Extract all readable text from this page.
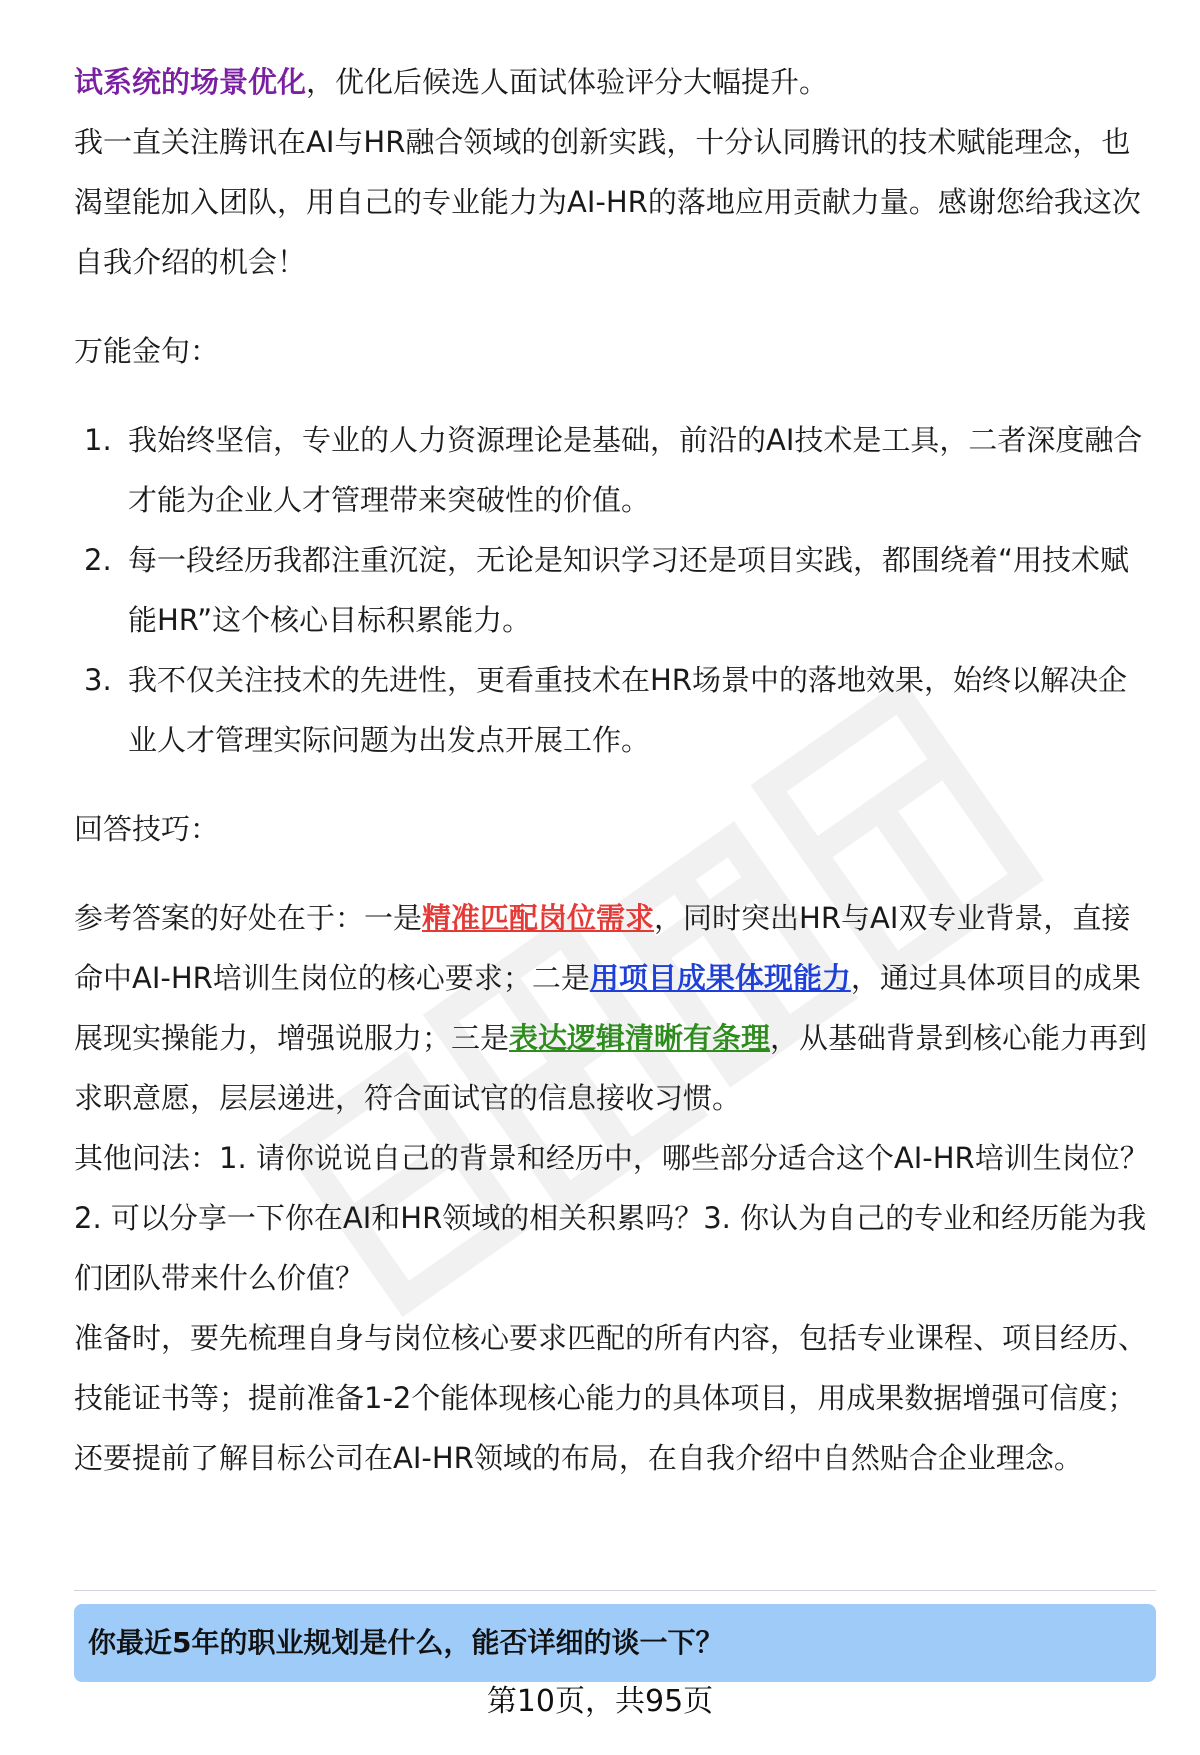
试系统的场景优化，优化后候选人面试体验评分大幅提升。

我一直关注腾讯在AI与HR融合领域的创新实践，十分认同腾讯的技术赋能理念，也渴望能加入团队，用自己的专业能力为AI-HR的落地应用贡献力量。感谢您给我这次自我介绍的机会！

万能金句：

1. 我始终坚信，专业的人力资源理论是基础，前沿的AI技术是工具，二者深度融合才能为企业人才管理带来突破性的价值。
2. 每一段经历我都注重沉淀，无论是知识学习还是项目实践，都围绕着“用技术赋能HR”这个核心目标积累能力。
3. 我不仅关注技术的先进性，更看重技术在HR场景中的落地效果，始终以解决企业人才管理实际问题为出发点开展工作。

回答技巧：

参考答案的好处在于：一是精准匹配岗位需求，同时突出HR与AI双专业背景，直接命中AI-HR培训生岗位的核心要求；二是用项目成果体现能力，通过具体项目的成果展现实操能力，增强说服力；三是表达逻辑清晰有条理，从基础背景到核心能力再到求职意愿，层层递进，符合面试官的信息接收习惯。

其他问法：1. 请你说说自己的背景和经历中，哪些部分适合这个AI-HR培训生岗位？2. 可以分享一下你在AI和HR领域的相关积累吗？3. 你认为自己的专业和经历能为我们团队带来什么价值？

准备时，要先梳理自身与岗位核心要求匹配的所有内容，包括专业课程、项目经历、技能证书等；提前准备1-2个能体现核心能力的具体项目，用成果数据增强可信度；还要提前了解目标公司在AI-HR领域的布局，在自我介绍中自然贴合企业理念。

你最近5年的职业规划是什么，能否详细的谈一下？
第10页，共95页
